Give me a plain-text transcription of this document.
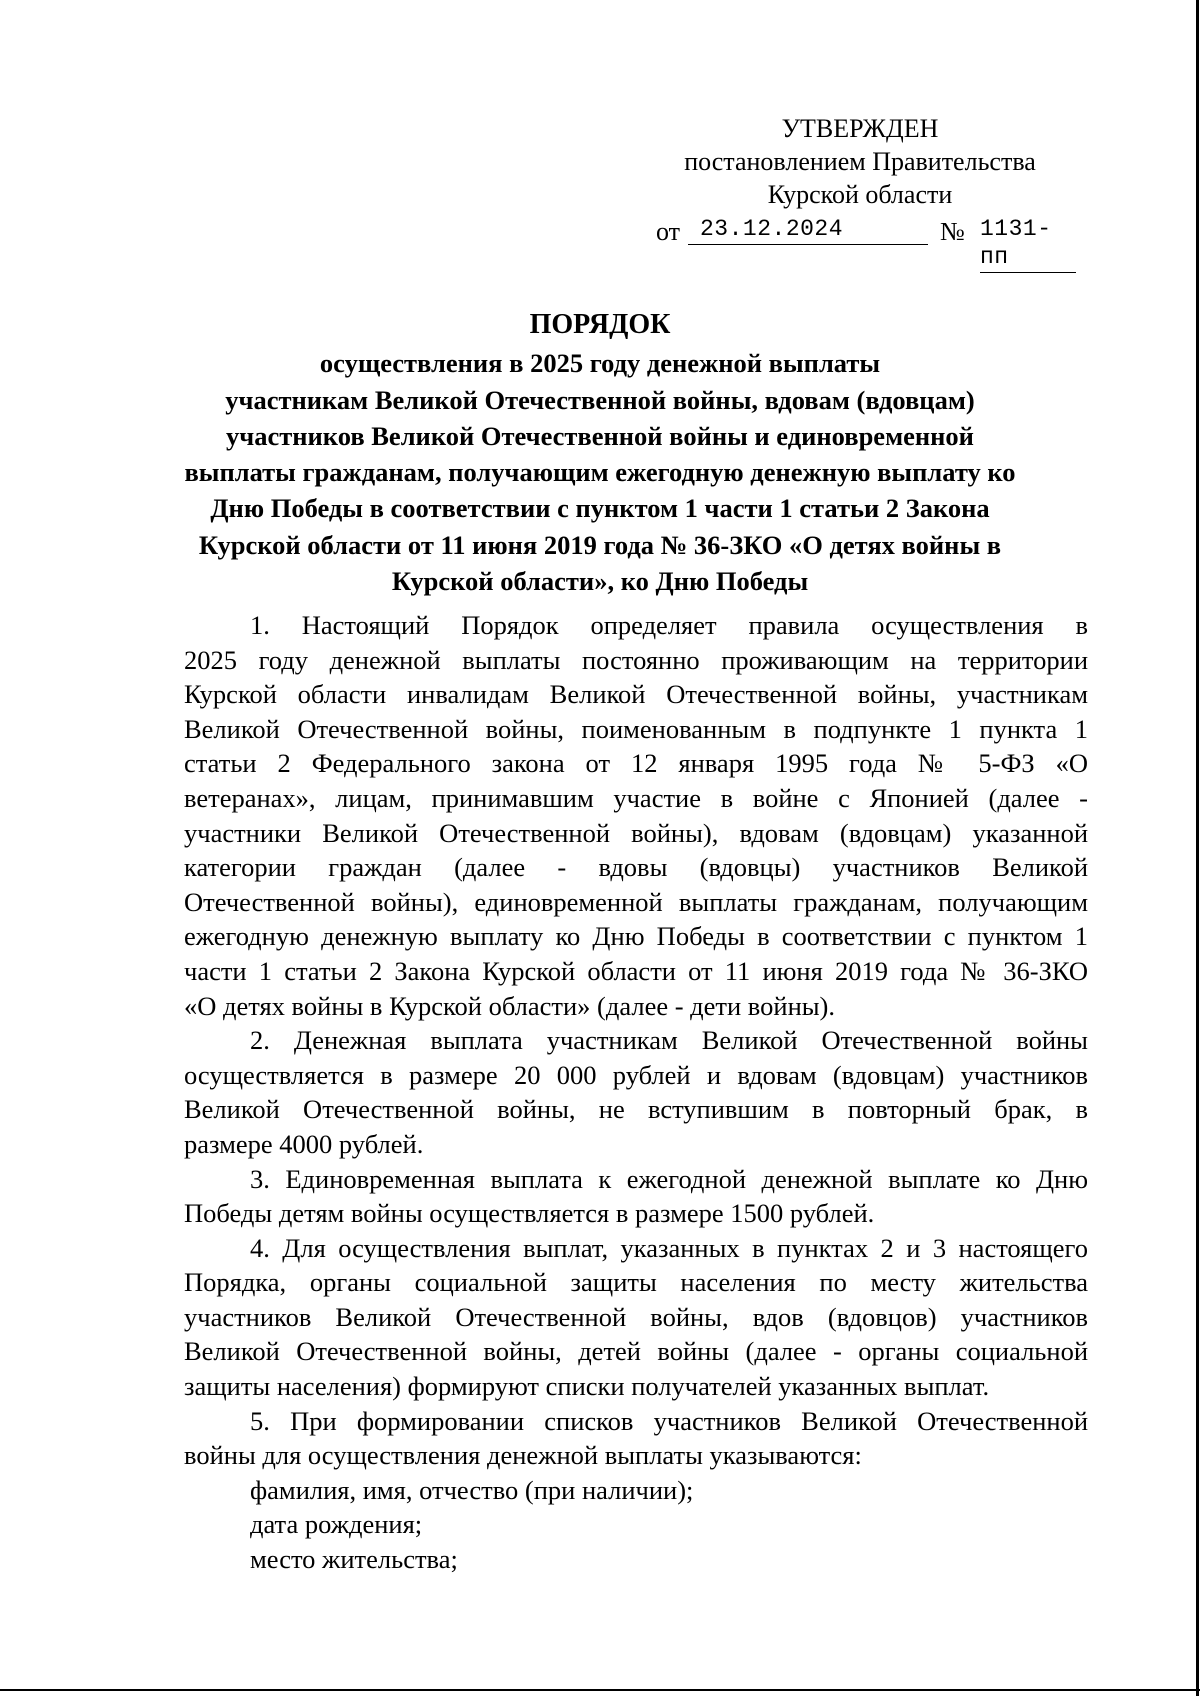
УТВЕРЖДЕН
постановлением Правительства
Курской области
от 23.12.2024	№ 1131-пп
ПОРЯДОК
осуществления в 2025 году денежной выплаты
участникам Великой Отечественной войны, вдовам (вдовцам)
участников Великой Отечественной войны и единовременной
выплаты гражданам, получающим ежегодную денежную выплату ко
Дню Победы в соответствии с пунктом 1 части 1 статьи 2 Закона
Курской области от 11 июня 2019 года № 36-ЗКО «О детях войны в
Курской области», ко Дню Победы
1. Настоящий Порядок определяет правила осуществления в
2025 году денежной выплаты постоянно проживающим на территории
Курской области инвалидам Великой Отечественной войны, участникам
Великой Отечественной войны, поименованным в подпункте 1 пункта 1
статьи 2 Федерального закона от 12 января 1995 года № 5-ФЗ «О
ветеранах», лицам, принимавшим участие в войне с Японией (далее -
участники Великой Отечественной войны), вдовам (вдовцам) указанной
категории граждан (далее - вдовы (вдовцы) участников Великой
Отечественной войны), единовременной выплаты гражданам, получающим
ежегодную денежную выплату ко Дню Победы в соответствии с пунктом 1
части 1 статьи 2 Закона Курской области от 11 июня 2019 года № 36-ЗКО
«О детях войны в Курской области» (далее - дети войны).
2. Денежная выплата участникам Великой Отечественной войны
осуществляется в размере 20 000 рублей и вдовам (вдовцам) участников
Великой Отечественной войны, не вступившим в повторный брак, в
размере 4000 рублей.
3. Единовременная выплата к ежегодной денежной выплате ко Дню
Победы детям войны осуществляется в размере 1500 рублей.
4. Для осуществления выплат, указанных в пунктах 2 и 3 настоящего
Порядка, органы социальной защиты населения по месту жительства
участников Великой Отечественной войны, вдов (вдовцов) участников
Великой Отечественной войны, детей войны (далее - органы социальной
защиты населения) формируют списки получателей указанных выплат.
5. При формировании списков участников Великой Отечественной
войны для осуществления денежной выплаты указываются:
фамилия, имя, отчество (при наличии);
дата рождения;
место жительства;
